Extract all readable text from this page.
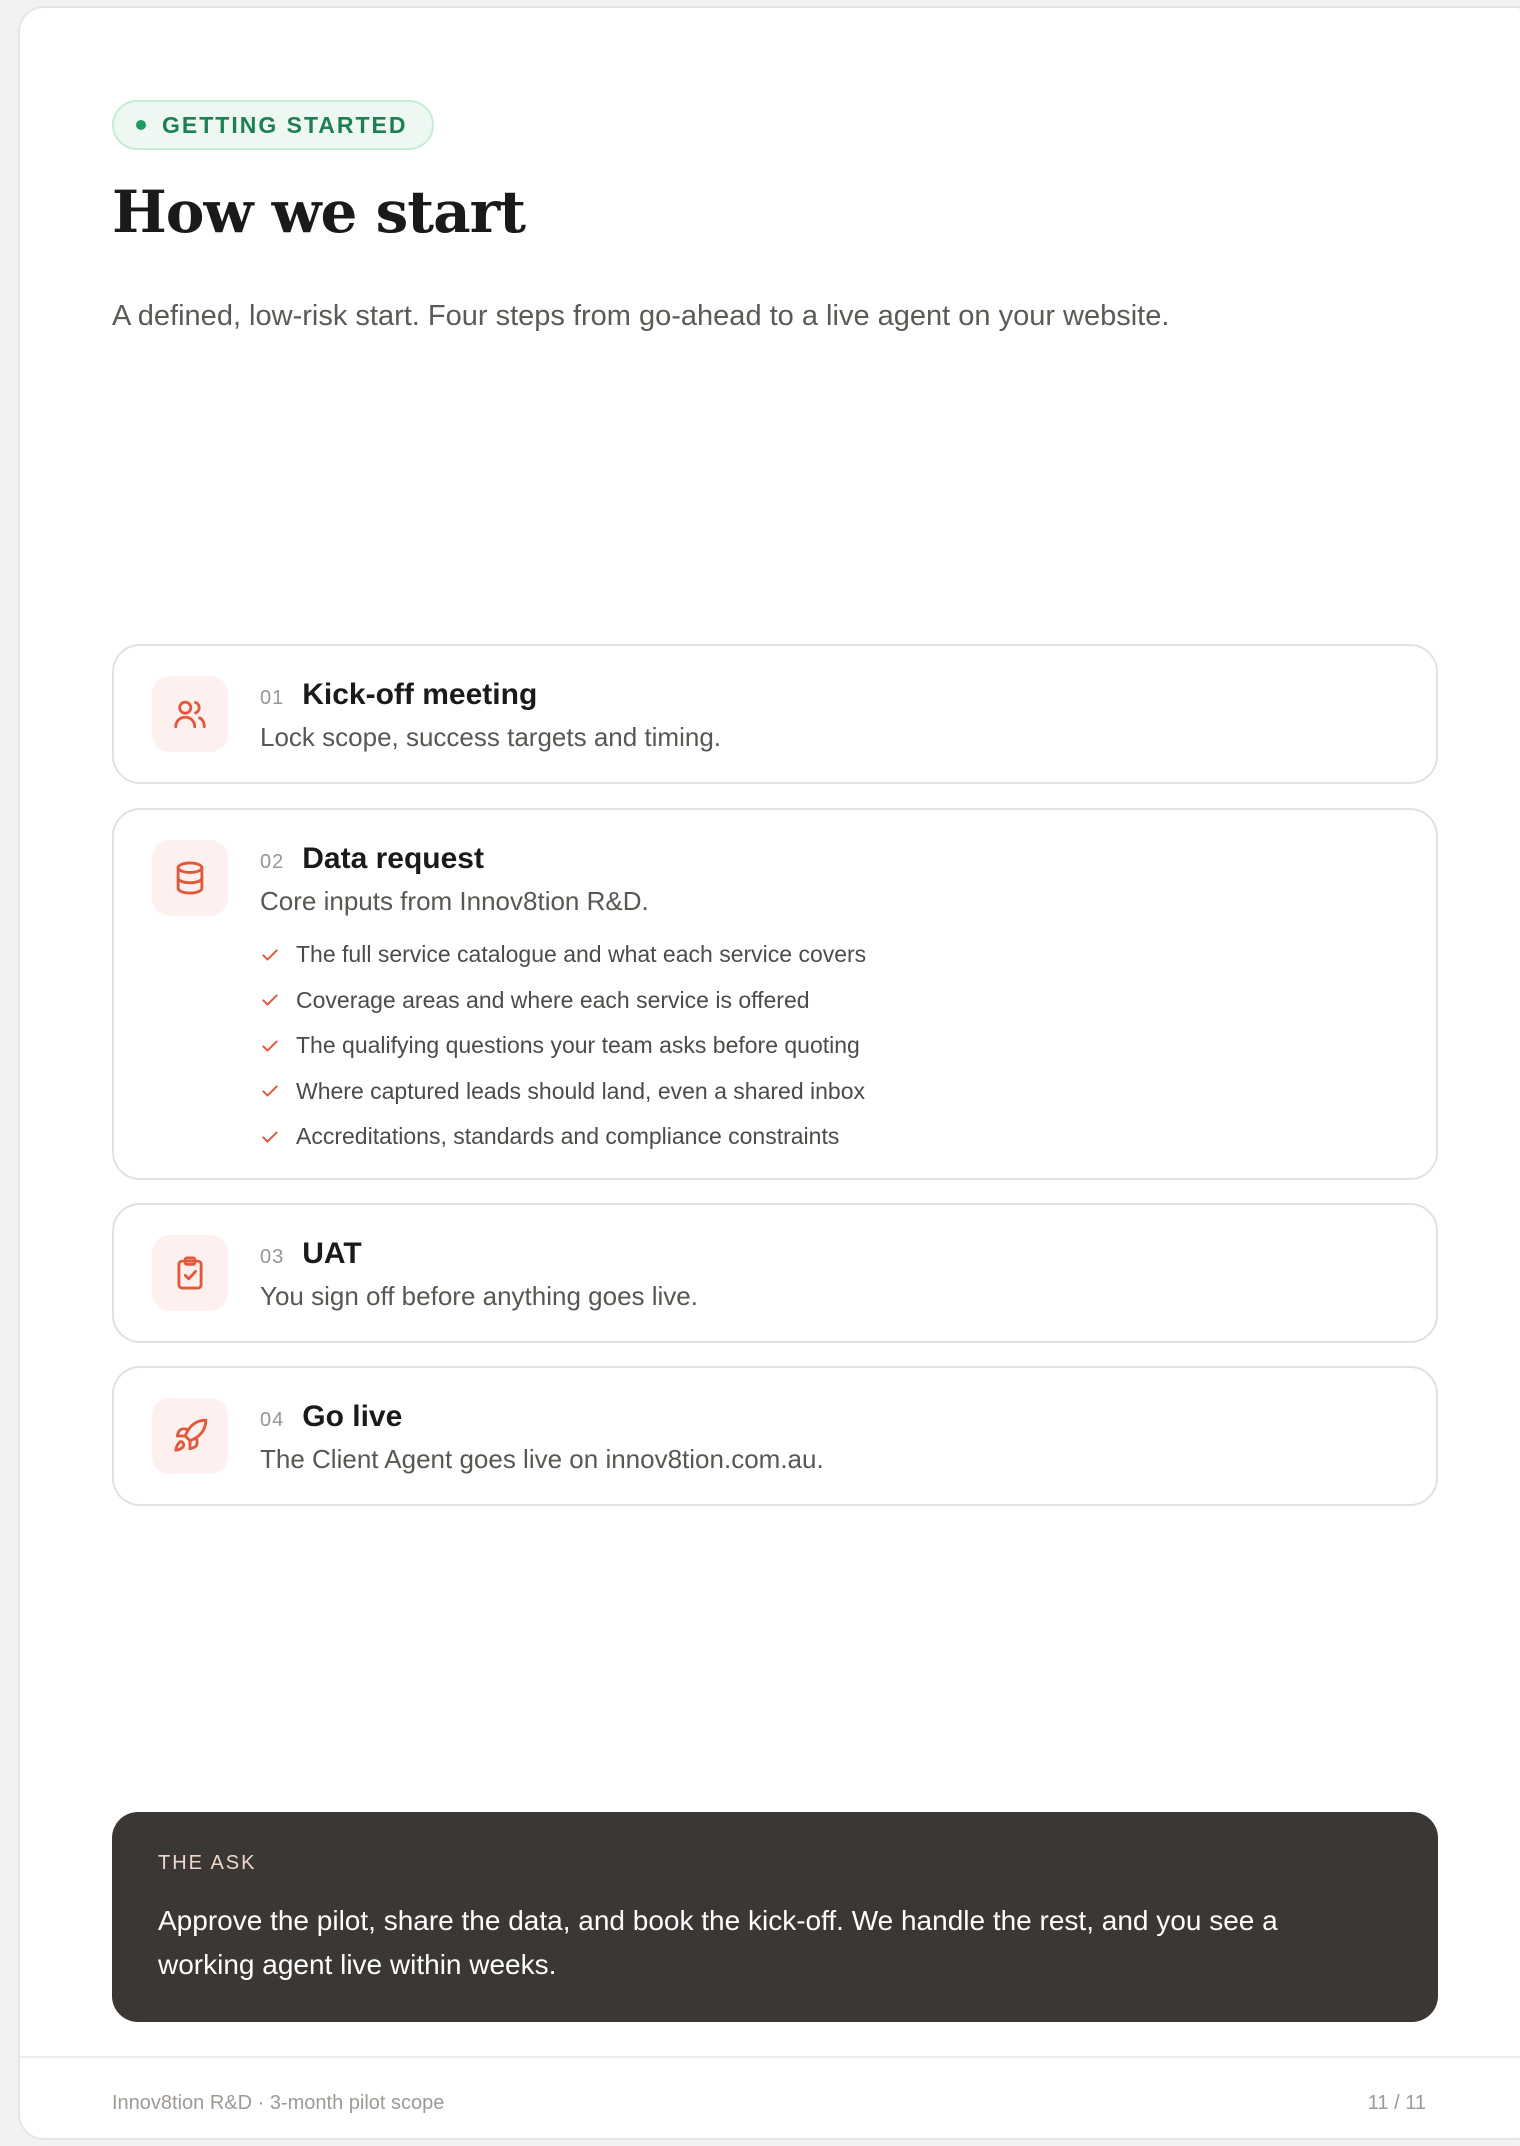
GETTING STARTED
How we start

A defined, low-risk start. Four steps from go-ahead to a live agent on your website.

01 Kick-off meeting
Lock scope, success targets and timing.
02 Data request
Core inputs from Innov8tion R&D.
The full service catalogue and what each service covers
Coverage areas and where each service is offered
The qualifying questions your team asks before quoting
Where captured leads should land, even a shared inbox
Accreditations, standards and compliance constraints
03 UAT
You sign off before anything goes live.
04 Go live
The Client Agent goes live on innov8tion.com.au.
THE ASK
Approve the pilot, share the data, and book the kick-off. We handle the rest, and you see a working agent live within weeks.
Innov8tion R&D · 3-month pilot scope	11 / 11
